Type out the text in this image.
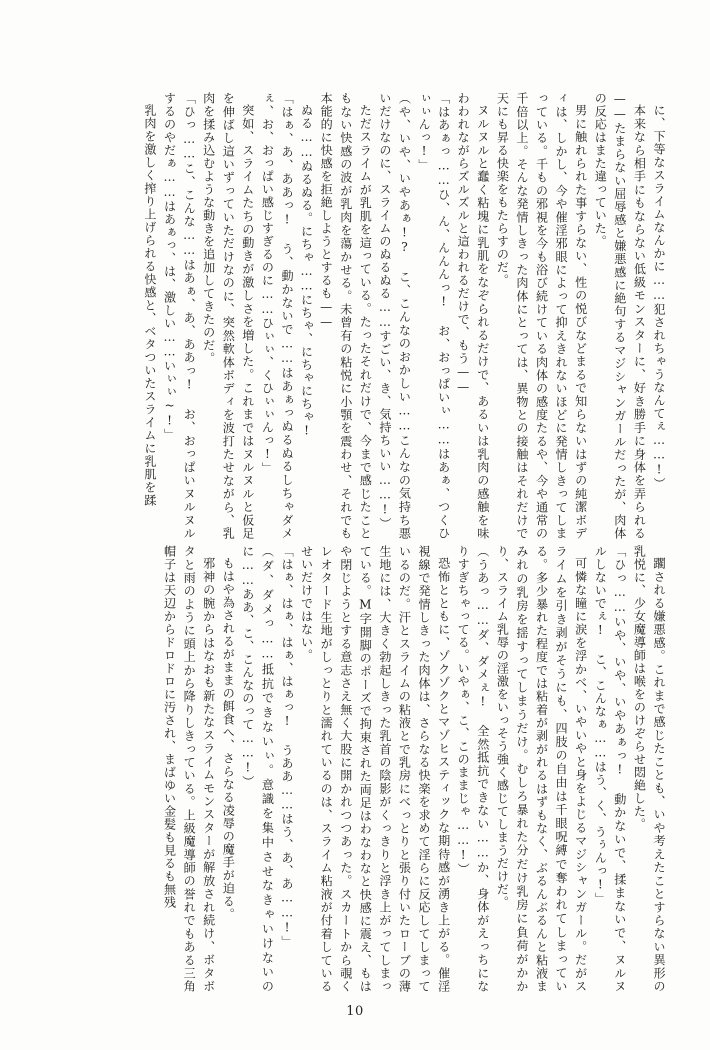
に、下等なスライムなんかに……犯されちゃうなんてぇ……!）

本来なら相手にもならない低級モンスターに、好き勝手に身体を弄られる——たまらない屈辱感と嫌悪感に絶句するマジシャンガールだったが、肉体の反応はまた違っていた。

男に触れられた事すらない、性の悦びなどまるで知らないはずの純潔ボディは、しかし、今や催淫邪眼によって抑えきれないほどに発情しきってしまっている。千もの邪視を今も浴び続けている肉体の感度たるや、今や通常の千倍以上。そんな発情しきった肉体にとっては、異物との接触はそれだけで天にも昇る快楽をもたらすのだ。

ヌルヌルと蠢く粘塊に乳肌をなぞられるだけで、あるいは乳肉の感触を味わわれながらズルズルと這われるだけで、もう——

「はあぁっ……ひ、ん、んんんっ! お、おっぱいぃ……はあぁ、つくひぃぃんっ!」

（や、いや、いやあぁ!? こ、こんなのおかしい……こんなの気持ち悪いだけなのに、スライムのぬるぬる……すごい、き、気持ちいい……!）

ただスライムが乳肌を這っている。たったそれだけで、今まで感じたこともない快感の波が乳肉を蕩かせる。未曾有の粘悦に小顎を震わせ、それでも本能的に快感を拒絶しようとするも——

ぬる……ぬるぬる。にちゃ……にちゃ、にちゃにちゃ!

「はぁ、あ、ああっ! う、動かないで……はあぁっぬるぬるしちゃダメぇ、お、おっぱい感じすぎるのに……ひぃぃ、くひぃぃんっ!」

突如、スライムたちの動きが激しさを増した。これまではヌルヌルと仮足を伸ばし這いずっていただけなのに、突然軟体ボディを波打たせながら、乳肉を揉み込むような動きを追加してきたのだ。

「ひっ……こ、こんな……はあぁ、あ、ああっ! お、おっぱいヌルヌルするのやだぁ……はあぁっ、は、激しい……いぃぃ~!」

乳肉を激しく搾り上げられる快感と、ベタついたスライムに乳肌を蹂

躙される嫌悪感。これまで感じたことも、いや考えたことすらない異形の乳悦に、少女魔導師は喉をのけぞらせ悶絶した。

「ひっ……いや、いや、いやあぁっ! 動かないで、揉まないで、ヌルヌルしないでぇ! こ、こんなぁ……はう、く、うぅんっ!」

可憐な瞳に涙を浮かべ、いやいやと身をよじるマジシャンガール。だがスライムを引き剥がそうにも、四肢の自由は千眼呪縛で奪われてしまっている。多少暴れた程度では粘着が剥がれるはずもなく、ぶるんぶるんと粘液まみれの乳房を揺すってしまうだけ。むしろ暴れた分だけ乳房に負荷がかかり、スライム乳辱の淫激をいっそう強く感じてしまうだけだ。

（うあっ……ダ、ダメぇ! 全然抵抗できない……か、身体がえっちになりすぎちゃってる。いやぁ、こ、このままじゃ……!）

恐怖とともに、ゾクゾクとマゾヒスティックな期待感が湧き上がる。催淫視線で発情しきった肉体は、さらなる快楽を求めて淫らに反応してしまっているのだ。汗とスライムの粘液とで乳房にべっとりと張り付いたローブの薄生地には、大きく勃起しきった乳首の陰影がくっきりと浮き上がってしまっている。M字開脚のポーズで拘束された両足はわなわなと快感に震え、もはや閉じようとする意志さえ無く大股に開かれつつあった。スカートから覗くレオタード生地がしっとりと濡れているのは、スライム粘液が付着しているせいだけではない。

「はぁ、はぁ、はぁ、はぁっ! うああ……はう、あ、あ……!」

（ダ、ダメっ……抵抗できないぃ。意識を集中させなきゃいけないのに……ああ、こ、こんなのって……!）

もはや為されるがままの餌食へ、さらなる凌辱の魔手が迫る。

邪神の腕からはなおも新たなスライムモンスターが解放され続け、ボタボタと雨のように頭上から降りしきっている。上級魔導師の誉れでもある三角帽子は天辺からドロドロに汚され、まばゆい金髪も見るも無残

10
